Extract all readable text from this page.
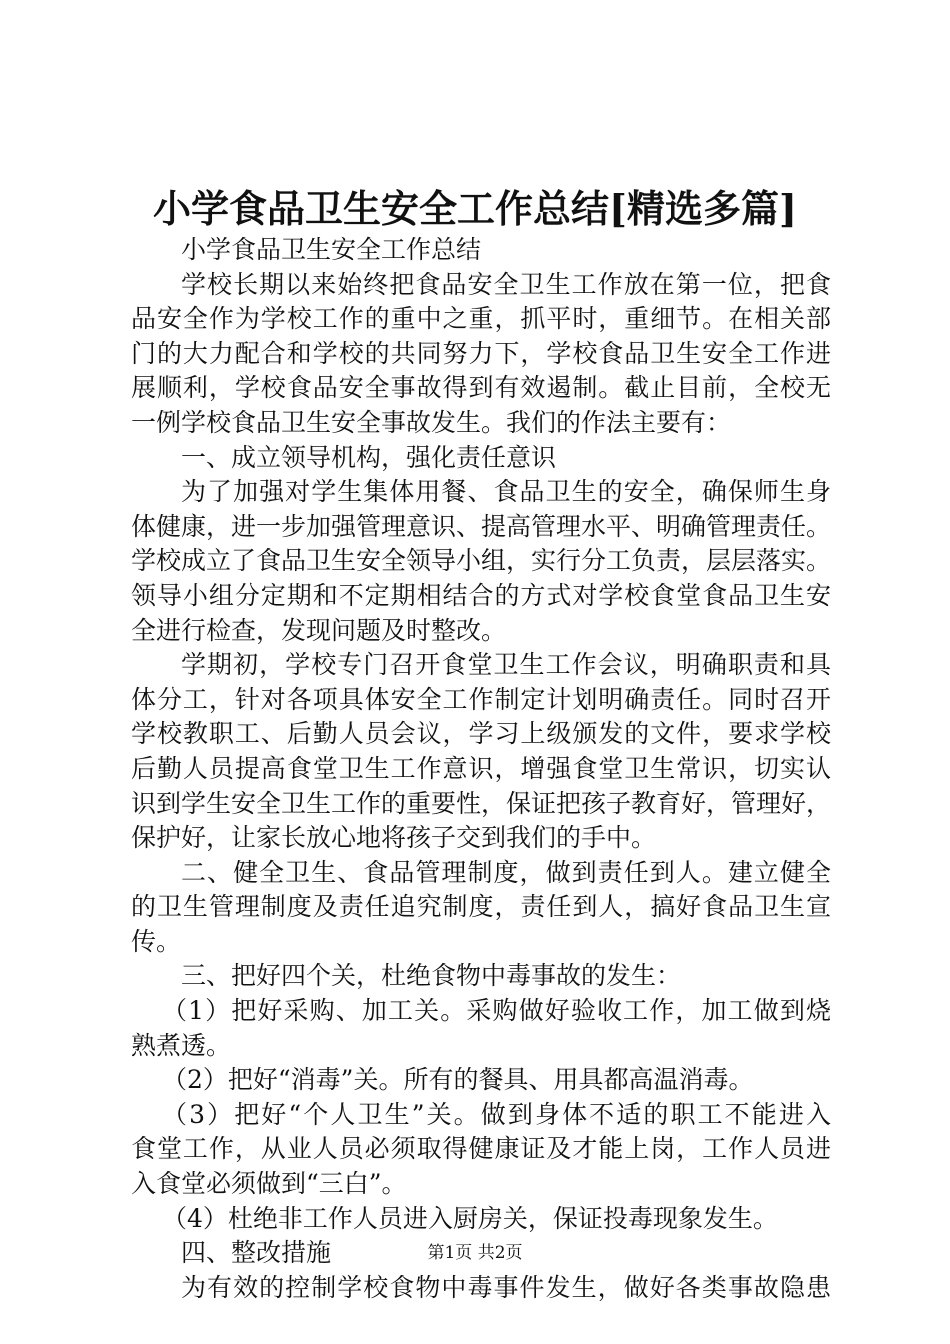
小学食品卫生安全工作总结[精选多篇]
小学食品卫生安全工作总结
学校长期以来始终把食品安全卫生工作放在第一位，把食
品安全作为学校工作的重中之重，抓平时，重细节。在相关部
门的大力配合和学校的共同努力下，学校食品卫生安全工作进
展顺利，学校食品安全事故得到有效遏制。截止目前，全校无
一例学校食品卫生安全事故发生。我们的作法主要有：
一、成立领导机构，强化责任意识
为了加强对学生集体用餐、食品卫生的安全，确保师生身
体健康，进一步加强管理意识、提高管理水平、明确管理责任。
学校成立了食品卫生安全领导小组，实行分工负责，层层落实。
领导小组分定期和不定期相结合的方式对学校食堂食品卫生安
全进行检查，发现问题及时整改。
学期初，学校专门召开食堂卫生工作会议，明确职责和具
体分工，针对各项具体安全工作制定计划明确责任。同时召开
学校教职工、后勤人员会议，学习上级颁发的文件，要求学校
后勤人员提高食堂卫生工作意识，增强食堂卫生常识，切实认
识到学生安全卫生工作的重要性，保证把孩子教育好，管理好，
保护好，让家长放心地将孩子交到我们的手中。
二、健全卫生、食品管理制度，做到责任到人。建立健全
的卫生管理制度及责任追究制度，责任到人，搞好食品卫生宣
传。
三、把好四个关，杜绝食物中毒事故的发生：
（1）把好采购、加工关。采购做好验收工作，加工做到烧
熟煮透。
（2）把好“消毒”关。所有的餐具、用具都高温消毒。
（3）把好“个人卫生”关。做到身体不适的职工不能进入
食堂工作，从业人员必须取得健康证及才能上岗，工作人员进
入食堂必须做到“三白”。
（4）杜绝非工作人员进入厨房关，保证投毒现象发生。
四、整改措施
为有效的控制学校食物中毒事件发生，做好各类事故隐患
第1页 共2页
